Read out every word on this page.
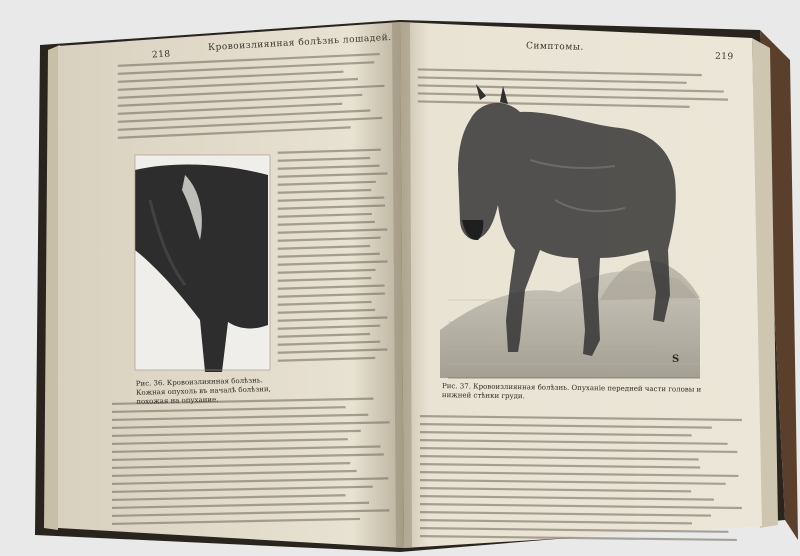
S
218
Кровоизлиянная болѣзнь лошадей.
Рис. 36. Кровоизлиянная болѣзнь. Кожная опухоль въ началѣ болѣзни, похожая на опухание.
Симптомы.
219
Рис. 37. Кровоизлиянная болѣзнь. Опуханіе передней части головы и нижней стѣнки груди.
